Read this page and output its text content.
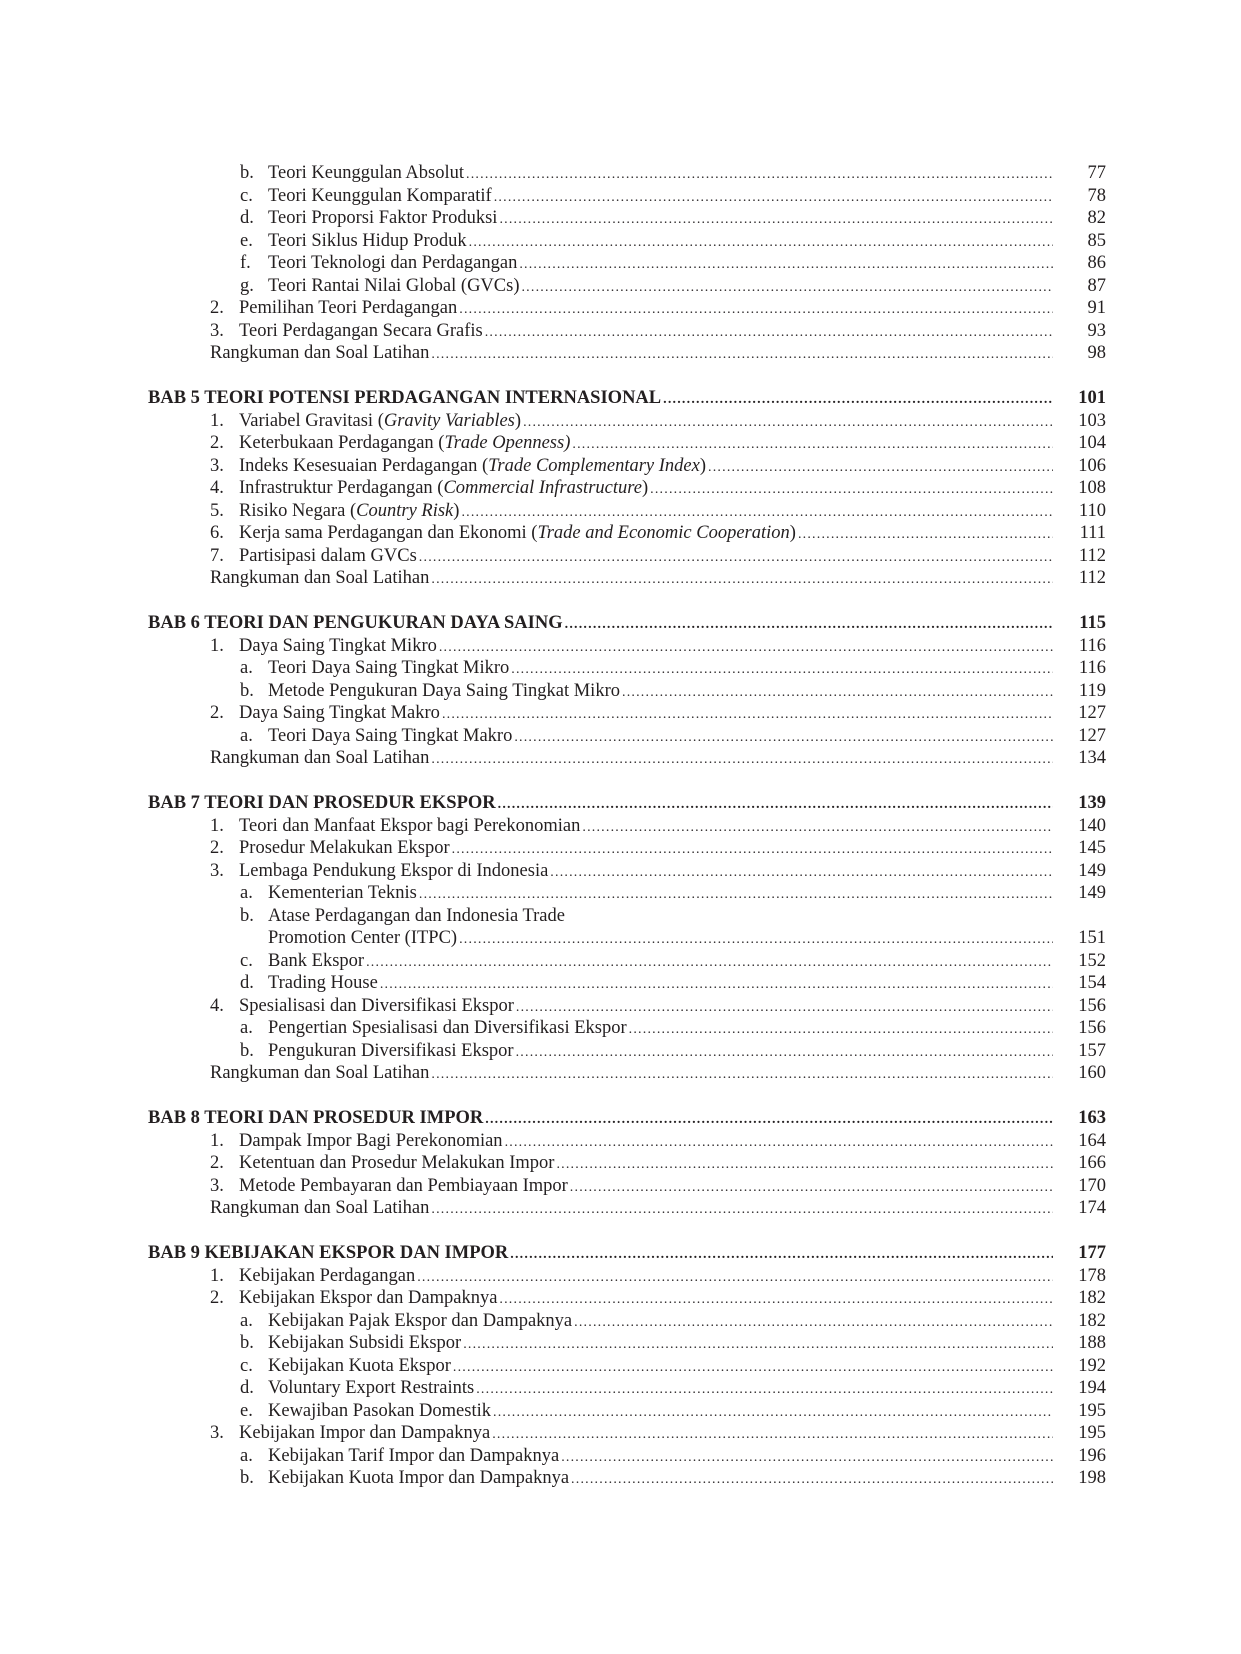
b. Teori Keunggulan Absolut .....	77
c. Teori Keunggulan Komparatif .....	78
d. Teori Proporsi Faktor Produksi .....	82
e. Teori Siklus Hidup Produk .....	85
f. Teori Teknologi dan Perdagangan .....	86
g. Teori Rantai Nilai Global (GVCs) .....	87
2. Pemilihan Teori Perdagangan .....	91
3. Teori Perdagangan Secara Grafis .....	93
Rangkuman dan Soal Latihan .....	98
BAB 5 TEORI POTENSI PERDAGANGAN INTERNASIONAL .....	101
1. Variabel Gravitasi (Gravity Variables) .....	103
2. Keterbukaan Perdagangan (Trade Openness) .....	104
3. Indeks Kesesuaian Perdagangan (Trade Complementary Index) .....	106
4. Infrastruktur Perdagangan (Commercial Infrastructure) .....	108
5. Risiko Negara (Country Risk) .....	110
6. Kerja sama Perdagangan dan Ekonomi (Trade and Economic Cooperation) .....	111
7. Partisipasi dalam GVCs .....	112
Rangkuman dan Soal Latihan .....	112
BAB 6 TEORI DAN PENGUKURAN DAYA SAING .....	115
1. Daya Saing Tingkat Mikro .....	116
a. Teori Daya Saing Tingkat Mikro .....	116
b. Metode Pengukuran Daya Saing Tingkat Mikro .....	119
2. Daya Saing Tingkat Makro .....	127
a. Teori Daya Saing Tingkat Makro .....	127
Rangkuman dan Soal Latihan .....	134
BAB 7 TEORI DAN PROSEDUR EKSPOR .....	139
1. Teori dan Manfaat Ekspor bagi Perekonomian .....	140
2. Prosedur Melakukan Ekspor .....	145
3. Lembaga Pendukung Ekspor di Indonesia .....	149
a. Kementerian Teknis .....	149
b. Atase Perdagangan dan Indonesia Trade
Promotion Center (ITPC) .....	151
c. Bank Ekspor .....	152
d. Trading House .....	154
4. Spesialisasi dan Diversifikasi Ekspor .....	156
a. Pengertian Spesialisasi dan Diversifikasi Ekspor .....	156
b. Pengukuran Diversifikasi Ekspor .....	157
Rangkuman dan Soal Latihan .....	160
BAB 8 TEORI DAN PROSEDUR IMPOR .....	163
1. Dampak Impor Bagi Perekonomian .....	164
2. Ketentuan dan Prosedur Melakukan Impor .....	166
3. Metode Pembayaran dan Pembiayaan Impor .....	170
Rangkuman dan Soal Latihan .....	174
BAB 9 KEBIJAKAN EKSPOR DAN IMPOR .....	177
1. Kebijakan Perdagangan .....	178
2. Kebijakan Ekspor dan Dampaknya .....	182
a. Kebijakan Pajak Ekspor dan Dampaknya .....	182
b. Kebijakan Subsidi Ekspor .....	188
c. Kebijakan Kuota Ekspor .....	192
d. Voluntary Export Restraints .....	194
e. Kewajiban Pasokan Domestik .....	195
3. Kebijakan Impor dan Dampaknya .....	195
a. Kebijakan Tarif Impor dan Dampaknya .....	196
b. Kebijakan Kuota Impor dan Dampaknya .....	198
